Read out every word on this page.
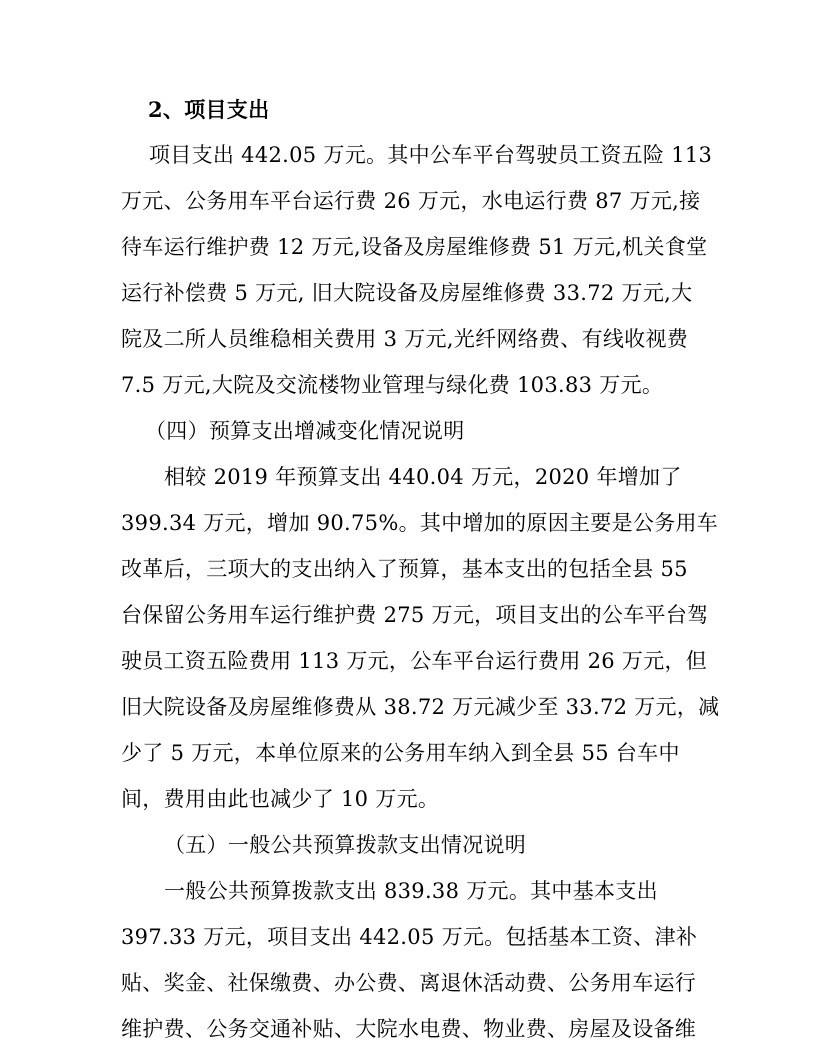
2、项目支出
项目支出 442.05 万元。其中公车平台驾驶员工资五险 113
万元、公务用车平台运行费 26 万元，水电运行费 87 万元,接
待车运行维护费 12 万元,设备及房屋维修费 51 万元,机关食堂
运行补偿费 5 万元, 旧大院设备及房屋维修费 33.72 万元,大
院及二所人员维稳相关费用 3 万元,光纤网络费、有线收视费
7.5 万元,大院及交流楼物业管理与绿化费 103.83 万元。
（四）预算支出增减变化情况说明
相较 2019 年预算支出 440.04 万元，2020 年增加了
399.34 万元，增加 90.75%。其中增加的原因主要是公务用车
改革后，三项大的支出纳入了预算，基本支出的包括全县 55
台保留公务用车运行维护费 275 万元，项目支出的公车平台驾
驶员工资五险费用 113 万元，公车平台运行费用 26 万元，但
旧大院设备及房屋维修费从 38.72 万元减少至 33.72 万元，减
少了 5 万元，本单位原来的公务用车纳入到全县 55 台车中
间，费用由此也减少了 10 万元。
（五）一般公共预算拨款支出情况说明
一般公共预算拨款支出 839.38 万元。其中基本支出
397.33 万元，项目支出 442.05 万元。包括基本工资、津补
贴、奖金、社保缴费、办公费、离退休活动费、公务用车运行
维护费、公务交通补贴、大院水电费、物业费、房屋及设备维
